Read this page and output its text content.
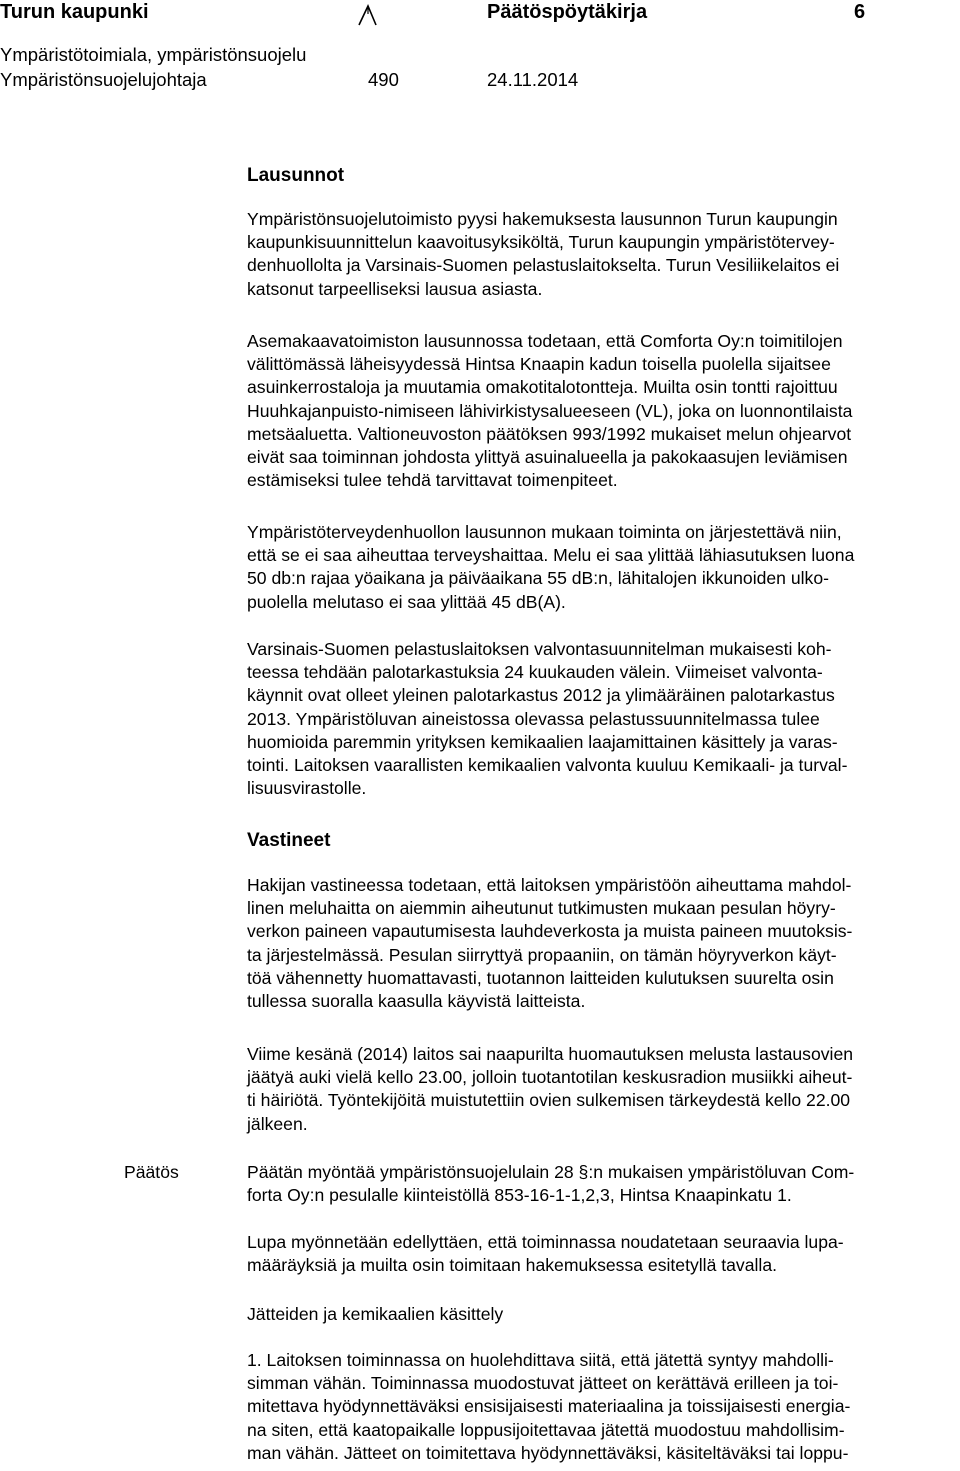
Turun kaupunki	Päätöspöytäkirja	6
Ympäristötoimiala, ympäristönsuojelu
Ympäristönsuojelujohtaja	490	24.11.2014
Lausunnot
Ympäristönsuojelutoimisto pyysi hakemuksesta lausunnon Turun kaupungin
kaupunkisuunnittelun kaavoitusyksiköltä, Turun kaupungin ympäristötervey-
denhuollolta ja Varsinais-Suomen pelastuslaitokselta. Turun Vesiliikelaitos ei
katsonut tarpeelliseksi lausua asiasta.
Asemakaavatoimiston lausunnossa todetaan, että Comforta Oy:n toimitilojen
välittömässä läheisyydessä Hintsa Knaapin kadun toisella puolella sijaitsee
asuinkerrostaloja ja muutamia omakotitalotontteja. Muilta osin tontti rajoittuu
Huuhkajanpuisto-nimiseen lähivirkistysalueeseen (VL), joka on luonnontilaista
metsäaluetta. Valtioneuvoston päätöksen 993/1992 mukaiset melun ohjearvot
eivät saa toiminnan johdosta ylittyä asuinalueella ja pakokaasujen leviämisen
estämiseksi tulee tehdä tarvittavat toimenpiteet.
Ympäristöterveydenhuollon lausunnon mukaan toiminta on järjestettävä niin,
että se ei saa aiheuttaa terveyshaittaa. Melu ei saa ylittää lähiasutuksen luona
50 db:n rajaa yöaikana ja päiväaikana 55 dB:n, lähitalojen ikkunoiden ulko-
puolella melutaso ei saa ylittää 45 dB(A).
Varsinais-Suomen pelastuslaitoksen valvontasuunnitelman mukaisesti koh-
teessa tehdään palotarkastuksia 24 kuukauden välein. Viimeiset valvonta-
käynnit ovat olleet yleinen palotarkastus 2012 ja ylimääräinen palotarkastus
2013. Ympäristöluvan aineistossa olevassa pelastussuunnitelmassa tulee
huomioida paremmin yrityksen kemikaalien laajamittainen käsittely ja varas-
tointi. Laitoksen vaarallisten kemikaalien valvonta kuuluu Kemikaali- ja turval-
lisuusvirastolle.
Vastineet
Hakijan vastineessa todetaan, että laitoksen ympäristöön aiheuttama mahdol-
linen meluhaitta on aiemmin aiheutunut tutkimusten mukaan pesulan höyry-
verkon paineen vapautumisesta lauhdeverkosta ja muista paineen muutoksis-
ta järjestelmässä. Pesulan siirryttyä propaaniin, on tämän höyryverkon käyt-
töä vähennetty huomattavasti, tuotannon laitteiden kulutuksen suurelta osin
tullessa suoralla kaasulla käyvistä laitteista.
Viime kesänä (2014) laitos sai naapurilta huomautuksen melusta lastausovien
jäätyä auki vielä kello 23.00, jolloin tuotantotilan keskusradion musiikki aiheut-
ti häiriötä. Työntekijöitä muistutettiin ovien sulkemisen tärkeydestä kello 22.00
jälkeen.
Päätös	Päätän myöntää ympäristönsuojelulain 28 §:n mukaisen ympäristöluvan Com-
forta Oy:n pesulalle kiinteistöllä 853-16-1-1,2,3, Hintsa Knaapinkatu 1.
Lupa myönnetään edellyttäen, että toiminnassa noudatetaan seuraavia lupa-
määräyksiä ja muilta osin toimitaan hakemuksessa esitetyllä tavalla.
Jätteiden ja kemikaalien käsittely
1. Laitoksen toiminnassa on huolehdittava siitä, että jätettä syntyy mahdolli-
simman vähän. Toiminnassa muodostuvat jätteet on kerättävä erilleen ja toi-
mitettava hyödynnettäväksi ensisijaisesti materiaalina ja toissijaisesti energia-
na siten, että kaatopaikalle loppusijoitettavaa jätettä muodostuu mahdollisim-
man vähän. Jätteet on toimitettava hyödynnettäväksi, käsiteltäväksi tai loppu-
